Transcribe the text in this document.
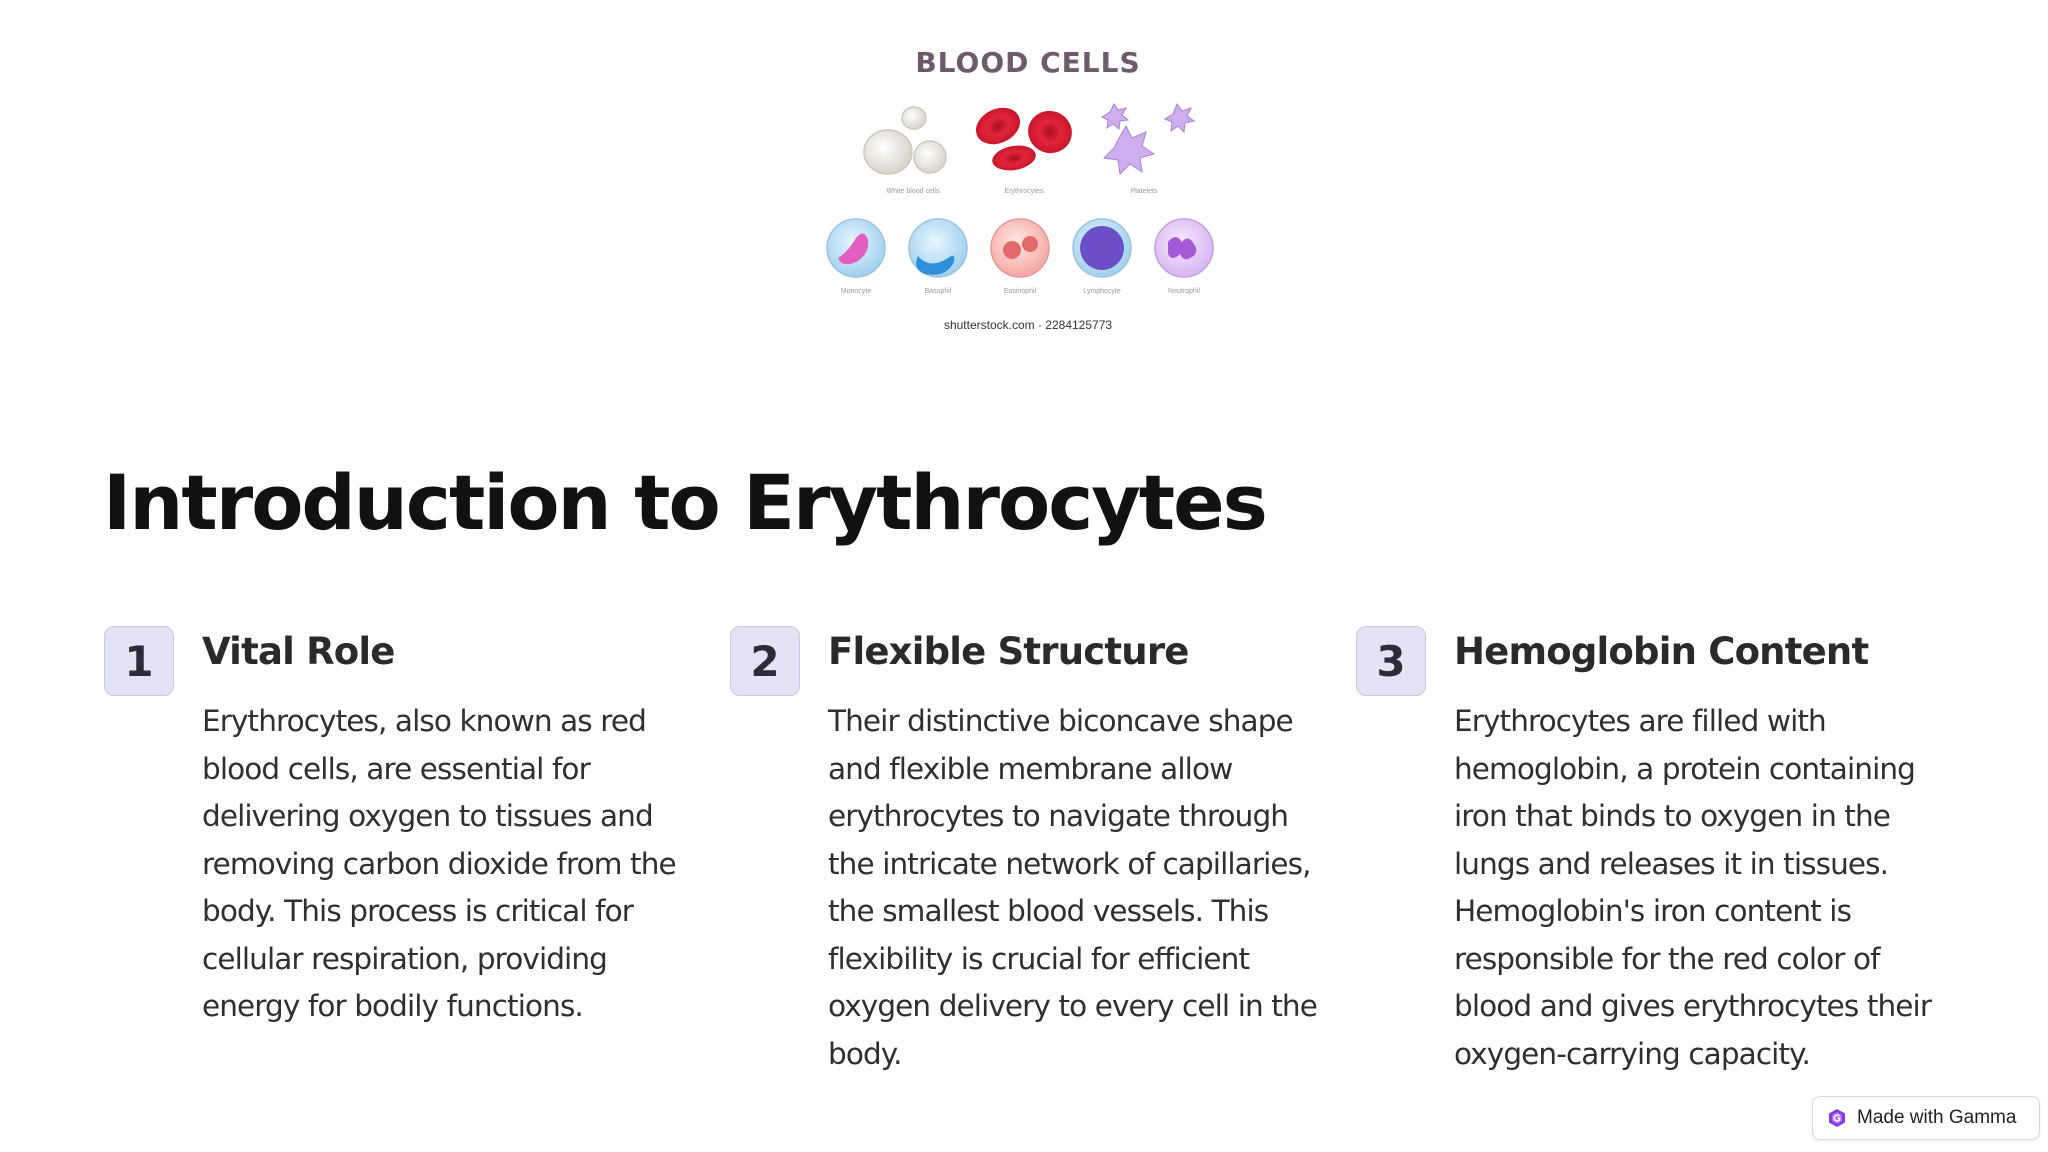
BLOOD CELLS
White blood cells	Erythrocytes	Platelets
Monocyte	Basophil	Eosinophil	Lymphocyte	Neutrophil
shutterstock.com · 2284125773
Introduction to Erythrocytes
1	Vital Role

Erythrocytes, also known as red blood cells, are essential for delivering oxygen to tissues and removing carbon dioxide from the body. This process is critical for cellular respiration, providing energy for bodily functions.

2	Flexible Structure

Their distinctive biconcave shape and flexible membrane allow erythrocytes to navigate through the intricate network of capillaries, the smallest blood vessels. This flexibility is crucial for efficient oxygen delivery to every cell in the body.

3	Hemoglobin Content

Erythrocytes are filled with hemoglobin, a protein containing iron that binds to oxygen in the lungs and releases it in tissues. Hemoglobin's iron content is responsible for the red color of blood and gives erythrocytes their oxygen-carrying capacity.

Made with Gamma
